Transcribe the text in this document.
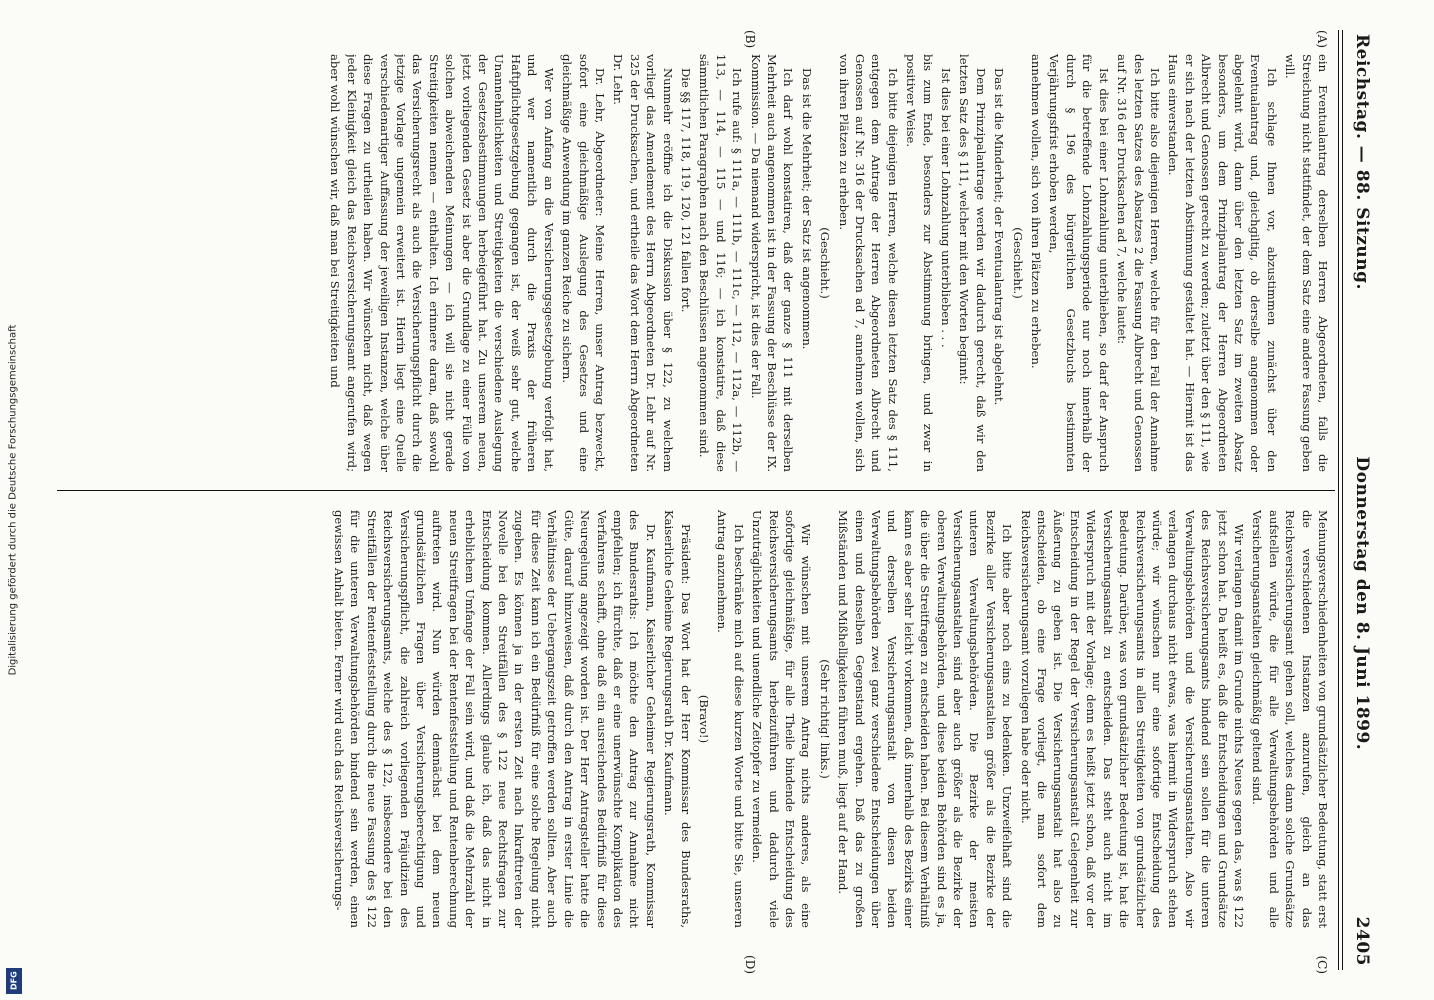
Digitalisierung gefördert durch die Deutsche Forschungsgemeinschaft
DFG
Reichstag. — 88. Sitzung.
Donnerstag den 8. Juni 1899.
2405
(A)
(B)
(C)
(D)

ein Eventualantrag derselben Herren Abgeordneten, falls die Streichung nicht stattfindet, der dem Satz eine andere Fassung geben will.

Ich schlage Ihnen vor, abzustimmen zunächst über den Eventualantrag und, gleichgiltig, ob derselbe angenommen oder abgelehnt wird, dann über den letzten Satz im zweiten Absatz besonders, um dem Prinzipalantrag der Herren Abgeordneten Albrecht und Genossen gerecht zu werden; zuletzt über den § 111, wie er sich nach der letzten Abstimmung gestaltet hat. — Hiermit ist das Haus einverstanden.

Ich bitte also diejenigen Herren, welche für den Fall der Annahme des letzten Satzes des Absatzes 2 die Fassung Albrecht und Genossen auf Nr. 316 der Drucksachen ad 7, welche lautet:

Ist dies bei einer Lohnzahlung unterblieben, so darf der Anspruch für die betreffende Lohnzahlungsperiode nur noch innerhalb der durch § 196 des bürgerlichen Gesetzbuchs bestimmten Verjährungsfrist erhoben werden,

annehmen wollen, sich von ihren Plätzen zu erheben.

(Geschieht.)

Das ist die Minderheit; der Eventualantrag ist abgelehnt.

Dem Prinzipalantrage werden wir dadurch gerecht, daß wir den letzten Satz des § 111, welcher mit den Worten beginnt:

Ist dies bei einer Lohnzahlung unterblieben . . .

bis zum Ende, besonders zur Abstimmung bringen, und zwar in positiver Weise.

Ich bitte diejenigen Herren, welche diesen letzten Satz des § 111, entgegen dem Antrage der Herren Abgeordneten Albrecht und Genossen auf Nr. 316 der Drucksachen ad 7, annehmen wollen, sich von ihren Plätzen zu erheben.

(Geschieht.)

Das ist die Mehrheit; der Satz ist angenommen.

Ich darf wohl konstatiren, daß der ganze § 111 mit derselben Mehrheit auch angenommen ist in der Fassung der Beschlüsse der IX. Kommission. — Da niemand widerspricht, ist dies der Fall.

Ich rufe auf: § 111a, — 111b, — 111c, — 112, — 112a, — 112b, — 113, — 114, — 115 — und 116; — ich konstatire, daß diese sämmtlichen Paragraphen nach den Beschlüssen angenommen sind.

Die §§ 117, 118, 119, 120, 121 fallen fort.

Nunmehr eröffne ich die Diskussion über § 122, zu welchem vorliegt das Amendement des Herrn Abgeordneten Dr. Lehr auf Nr. 325 der Drucksachen, und ertheile das Wort dem Herrn Abgeordneten Dr. Lehr.

Dr. Lehr, Abgeordneter: Meine Herren, unser Antrag bezweckt, sofort eine gleichmäßige Auslegung des Gesetzes und eine gleichmäßige Anwendung im ganzen Reiche zu sichern.

Wer von Anfang an die Versicherungsgesetzgebung verfolgt hat, und wer namentlich durch die Praxis der früheren Haftpflichtgesetzgebung gegangen ist, der weiß sehr gut, welche Unannehmlichkeiten und Streitigkeiten die verschiedene Auslegung der Gesetzesbestimmungen herbeigeführt hat. Zu unserem neuen, jetzt vorliegenden Gesetz ist aber die Grundlage zu einer Fülle von solchen abweichenden Meinungen — ich will sie nicht gerade Streitigkeiten nennen — enthalten. Ich erinnere daran, daß sowohl das Versicherungsrecht als auch die Versicherungspflicht durch die jetzige Vorlage ungemein erweitert ist. Hierin liegt eine Quelle verschiedenartiger Auffassung der jeweiligen Instanzen, welche über diese Fragen zu urtheilen haben. Wir wünschen nicht, daß wegen jeder Kleinigkeit gleich das Reichsversicherungsamt angerufen wird; aber wohl wünschen wir, daß man bei Streitigkeiten und

Meinungsverschiedenheiten von grundsätzlicher Bedeutung, statt erst die verschiedenen Instanzen anzurufen, gleich an das Reichsversicherungsamt gehen soll, welches dann solche Grundsätze aufstellen würde, die für alle Verwaltungsbehörden und alle Versicherungsanstalten gleichmäßig geltend sind.

Wir verlangen damit im Grunde nichts Neues gegen das, was § 122 jetzt schon hat. Da heißt es, daß die Entscheidungen und Grundsätze des Reichsversicherungsamts bindend sein sollen für die unteren Verwaltungsbehörden und die Versicherungsanstalten. Also wir verlangen durchaus nicht etwas, was hiermit in Widerspruch stehen würde; wir wünschen nur eine sofortige Entscheidung des Reichsversicherungsamts in allen Streitigkeiten von grundsätzlicher Bedeutung. Darüber, was von grundsätzlicher Bedeutung ist, hat die Versicherungsanstalt zu entscheiden. Das steht auch nicht im Widerspruch mit der Vorlage; denn es heißt jetzt schon, daß vor der Entscheidung in der Regel der Versicherungsanstalt Gelegenheit zur Äußerung zu geben ist. Die Versicherungsanstalt hat also zu entscheiden, ob eine Frage vorliegt, die man sofort dem Reichsversicherungsamt vorzulegen habe oder nicht.

Ich bitte aber noch eins zu bedenken. Unzweifelhaft sind die Bezirke aller Versicherungsanstalten größer als die Bezirke der unteren Verwaltungsbehörden. Die Bezirke der meisten Versicherungsanstalten sind aber auch größer als die Bezirke der oberen Verwaltungsbehörden, und diese beiden Behörden sind es ja, die über die Streitfragen zu entscheiden haben. Bei diesem Verhältniß kann es aber sehr leicht vorkommen, daß innerhalb des Bezirks einer und derselben Versicherungsanstalt von diesen beiden Verwaltungsbehörden zwei ganz verschiedene Entscheidungen über einen und denselben Gegenstand ergehen. Daß das zu großen Mißständen und Mißhelligkeiten führen muß, liegt auf der Hand.

(Sehr richtig! links.)

Wir wünschen mit unserem Antrag nichts anderes, als eine sofortige gleichmäßige, für alle Theile bindende Entscheidung des Reichsversicherungsamts herbeizuführen und dadurch viele Unzuträglichkeiten und unendliche Zeitopfer zu vermeiden.

Ich beschränke mich auf diese kurzen Worte und bitte Sie, unseren Antrag anzunehmen.

(Bravo!)

Präsident: Das Wort hat der Herr Kommissar des Bundesraths, Kaiserliche Geheime Regierungsrath Dr. Kaufmann.

Dr. Kaufmann, Kaiserlicher Geheimer Regierungsrath, Kommissar des Bundesraths: Ich möchte den Antrag zur Annahme nicht empfehlen; ich fürchte, daß er eine unerwünschte Komplikation des Verfahrens schafft, ohne daß ein ausreichendes Bedürfniß für diese Neuregelung angezeigt worden ist. Der Herr Antragsteller hatte die Güte, darauf hinzuweisen, daß durch den Antrag in erster Linie die Verhältnisse der Uebergangszeit getroffen werden sollten. Aber auch für diese Zeit kann ich ein Bedürfniß für eine solche Regelung nicht zugeben. Es können ja in der ersten Zeit nach Inkrafttreten der Novelle bei den Streitfällen des § 122 neue Rechtsfragen zur Entscheidung kommen. Allerdings glaube ich, daß das nicht in erheblichem Umfange der Fall sein wird, und daß die Mehrzahl der neuen Streitfragen bei der Rentenfeststellung und Rentenberechnung auftreten wird. Nun würden demnächst bei dem neuen grundsätzlichen Fragen über Versicherungsberechtigung und Versicherungspflicht, die zahlreich vorliegenden Präjudizien des Reichsversicherungsamts, welche des § 122, insbesondere bei den Streitfällen der Rentenfeststellung durch die neue Fassung des § 122 für die unteren Verwaltungsbehörden bindend sein werden, einen gewissen Anhalt bieten. Ferner wird auch das Reichsversicherungs-
